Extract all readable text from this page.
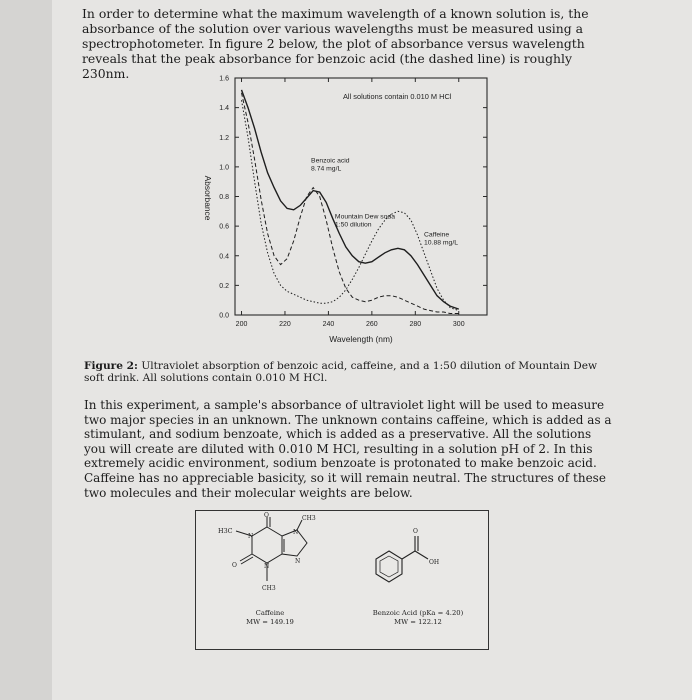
In order to determine what the maximum wavelength of a known solution is, the absorbance of the solution over various wavelengths must be measured using a spectrophotometer. In figure 2 below, the plot of absorbance versus wavelength reveals that the peak absorbance for benzoic acid (the dashed line) is roughly 230nm.

0.0
0.2
0.4
0.6
0.8
1.0
1.2
1.4
1.6
200	220	240	260	280	300
Benzoic acid 8.74 mg/L
Mountain Dew soda 1:50 dilution
Caffeine 10.88 mg/L
All solutions contain 0.010 M HCl
Wavelength (nm)
Absorbance

Figure 2: Ultraviolet absorption of benzoic acid, caffeine, and a 1:50 dilution of Mountain Dew soft drink. All solutions contain 0.010 M HCl.

In this experiment, a sample's absorbance of ultraviolet light will be used to measure two major species in an unknown. The unknown contains caffeine, which is added as a stimulant, and sodium benzoate, which is added as a preservative. All the solutions you will create are diluted with 0.010 M HCl, resulting in a solution pH of 2. In this extremely acidic environment, sodium benzoate is protonated to make benzoic acid. Caffeine has no appreciable basicity, so it will remain neutral. The structures of these two molecules and their molecular weights are below.

O	CH3
H3C
N
N
N
N
O
CH3
Caffeine
MW = 149.19
O
OH
Benzoic Acid (pKa = 4.20)
MW = 122.12
